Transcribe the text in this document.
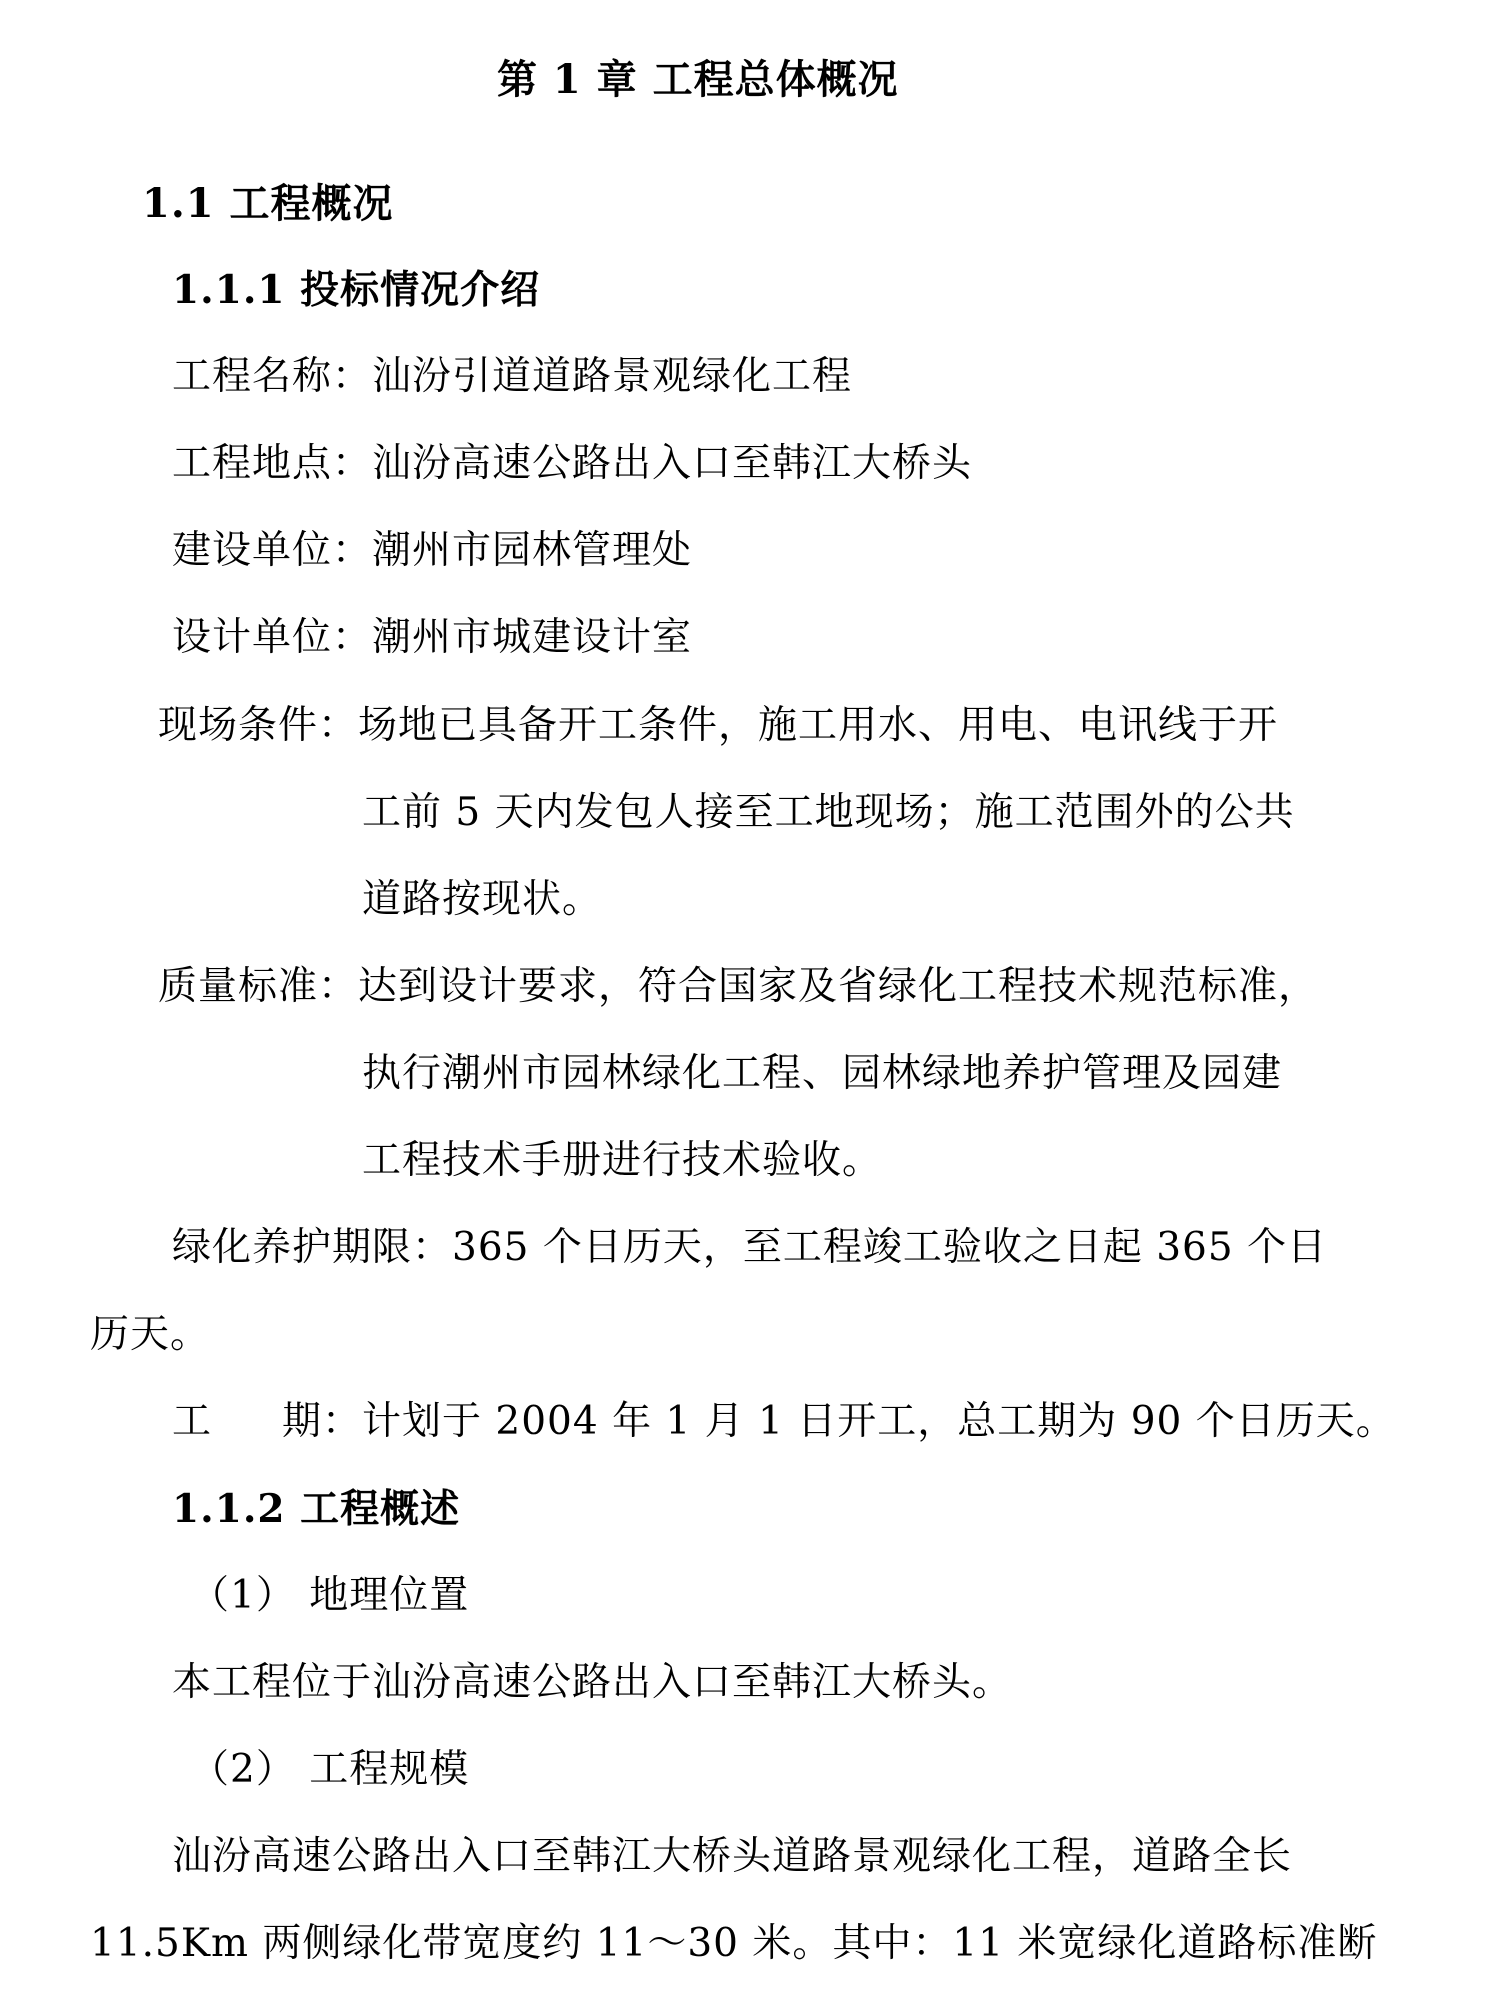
第 1 章 工程总体概况
1.1 工程概况
1.1.1 投标情况介绍
工程名称：汕汾引道道路景观绿化工程
工程地点：汕汾高速公路出入口至韩江大桥头
建设单位：潮州市园林管理处
设计单位：潮州市城建设计室
现场条件：场地已具备开工条件，施工用水、用电、电讯线于开
工前 5 天内发包人接至工地现场；施工范围外的公共
道路按现状。
质量标准：达到设计要求，符合国家及省绿化工程技术规范标准，
执行潮州市园林绿化工程、园林绿地养护管理及园建
工程技术手册进行技术验收。
绿化养护期限：365 个日历天，至工程竣工验收之日起 365 个日
历天。
工 期：计划于 2004 年 1 月 1 日开工，总工期为 90 个日历天。
1.1.2 工程概述
（1） 地理位置
本工程位于汕汾高速公路出入口至韩江大桥头。
（2） 工程规模
汕汾高速公路出入口至韩江大桥头道路景观绿化工程，道路全长
11.5Km 两侧绿化带宽度约 11～30 米。其中：11 米宽绿化道路标准断
